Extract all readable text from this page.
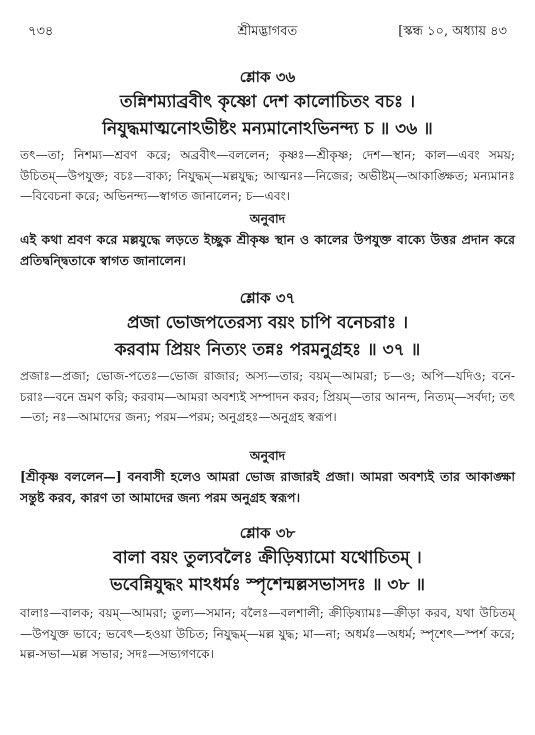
৭৩৪	শ্রীমদ্ভাগবত	[স্কন্ধ ১০, অধ্যায় ৪৩
শ্লোক ৩৬
তন্নিশম্যাব্রবীৎ কৃষ্ণো দেশ কালোচিতং বচঃ ।
নিযুদ্ধমাত্মনোঽভীষ্টং মন্যমানোঽভিনন্দ্য চ ॥ ৩৬ ॥
তৎ—তা; নিশম্য—শ্রবণ করে; অব্রবীৎ—বললেন; কৃষ্ণঃ—শ্রীকৃষ্ণ; দেশ—স্থান; কাল—এবং সময়; উচিতম্—উপযুক্ত; বচঃ—বাক্য; নিযুদ্ধম্—মল্লযুদ্ধ; আত্মনঃ—নিজের; অভীষ্টম্—আকাঙ্ক্ষিত; মন্যমানঃ—বিবেচনা করে; অভিনন্দ্য—স্বাগত জানালেন; চ—এবং।
অনুবাদ
এই কথা শ্রবণ করে মল্লযুদ্ধে লড়তে ইচ্ছুক শ্রীকৃষ্ণ স্থান ও কালের উপযুক্ত বাক্যে উত্তর প্রদান করে প্রতিদ্বন্দ্বিতাকে স্বাগত জানালেন।
শ্লোক ৩৭
প্রজা ভোজপতেরস্য বয়ং চাপি বনেচরাঃ ।
করবাম প্রিয়ং নিত্যং তন্নঃ পরমনুগ্রহঃ ॥ ৩৭ ॥
প্রজাঃ—প্রজা; ভোজ-পতেঃ—ভোজ রাজার; অস্য—তার; বয়ম্—আমরা; চ—ও; অপি—যদিও; বনে-চরাঃ—বনে ভ্রমণ করি; করবাম—আমরা অবশ্যই সম্পাদন করব; প্রিয়ম্—তার আনন্দ, নিত্যম্—সর্বদা; তৎ—তা; নঃ—আমাদের জন্য; পরম—পরম; অনুগ্রহঃ—অনুগ্রহ স্বরূপ।
অনুবাদ
[শ্রীকৃষ্ণ বললেন—] বনবাসী হলেও আমরা ভোজ রাজারই প্রজা। আমরা অবশ্যই তার আকাঙ্ক্ষা সন্তুষ্ট করব, কারণ তা আমাদের জন্য পরম অনুগ্রহ স্বরূপ।
শ্লোক ৩৮
বালা বয়ং তুল্যবলৈঃ ক্রীড়িষ্যামো যথোচিতম্ ।
ভবেন্নিযুদ্ধং মাঽধর্মঃ স্পৃশেন্মল্লসভাসদঃ ॥ ৩৮ ॥
বালাঃ—বালক; বয়ম্—আমরা; তুল্য—সমান; বলৈঃ—বলশালী; ক্রীড়িষ্যামঃ—ক্রীড়া করব, যথা উচিতম্—উপযুক্ত ভাবে; ভবেৎ—হওয়া উচিত; নিযুদ্ধম্—মল্ল যুদ্ধ; মা—না; অধর্মঃ—অধর্ম; স্পৃশেৎ—স্পর্শ করে; মল্ল-সভা—মল্ল সভার; সদঃ—সভ্যগণকে।
